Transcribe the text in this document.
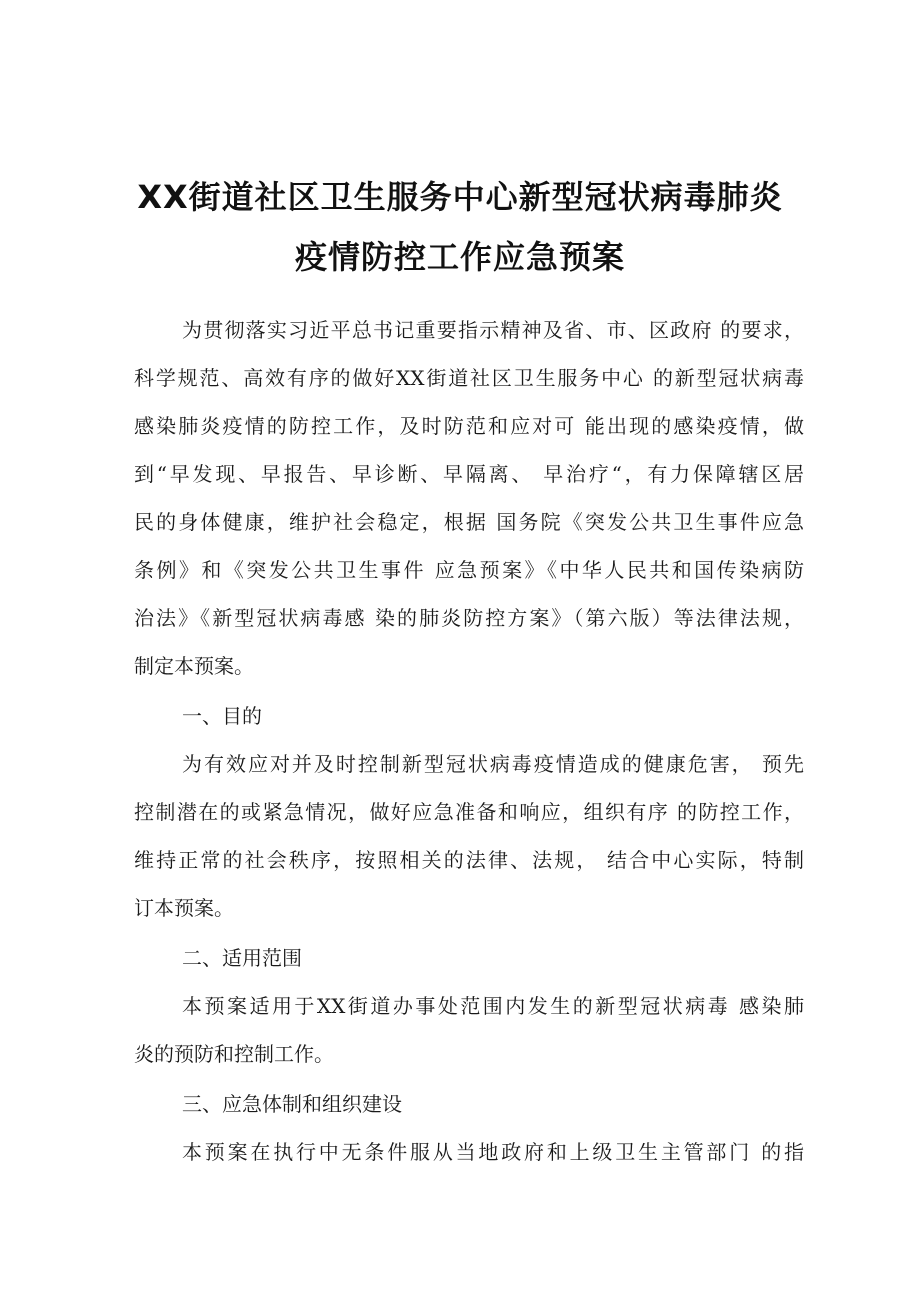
XX街道社区卫生服务中心新型冠状病毒肺炎
疫情防控工作应急预案
为贯彻落实习近平总书记重要指示精神及省、市、区政府 的要求，
科学规范、高效有序的做好XX街道社区卫生服务中心 的新型冠状病毒
感染肺炎疫情的防控工作，及时防范和应对可 能出现的感染疫情，做
到“早发现、早报告、早诊断、早隔离、 早治疗“，有力保障辖区居
民的身体健康，维护社会稳定，根据 国务院《突发公共卫生事件应急
条例》和《突发公共卫生事件 应急预案》《中华人民共和国传染病防
治法》《新型冠状病毒感 染的肺炎防控方案》（第六版）等法律法规，
制定本预案。
一、目的
为有效应对并及时控制新型冠状病毒疫情造成的健康危害， 预先
控制潜在的或紧急情况，做好应急准备和响应，组织有序 的防控工作，
维持正常的社会秩序，按照相关的法律、法规， 结合中心实际，特制
订本预案。
二、适用范围
本预案适用于XX街道办事处范围内发生的新型冠状病毒 感染肺
炎的预防和控制工作。
三、应急体制和组织建设
本预案在执行中无条件服从当地政府和上级卫生主管部门 的指
